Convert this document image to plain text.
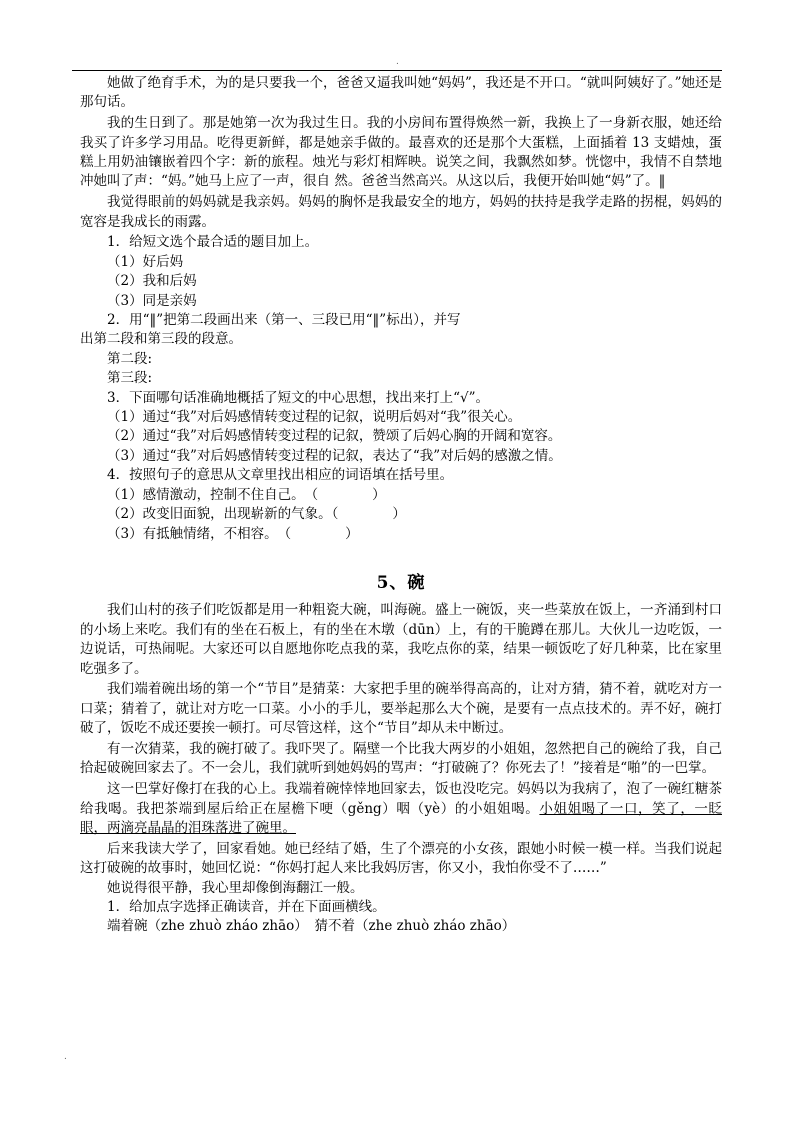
.

她做了绝育手术，为的是只要我一个，爸爸又逼我叫她“妈妈”，我还是不开口。“就叫阿姨好了。”她还是那句话。

我的生日到了。那是她第一次为我过生日。我的小房间布置得焕然一新，我换上了一身新衣服，她还给我买了许多学习用品。吃得更新鲜，都是她亲手做的。最喜欢的还是那个大蛋糕，上面插着 13 支蜡烛，蛋糕上用奶油镶嵌着四个字：新的旅程。烛光与彩灯相辉映。说笑之间，我飘然如梦。恍惚中，我情不自禁地冲她叫了声：“妈。”她马上应了一声，很自 然。爸爸当然高兴。从这以后，我便开始叫她“妈”了。‖

我觉得眼前的妈妈就是我亲妈。妈妈的胸怀是我最安全的地方，妈妈的扶持是我学走路的拐棍，妈妈的宽容是我成长的雨露。

1．给短文选个最合适的题目加上。

（1）好后妈

（2）我和后妈

（3）同是亲妈

2．用“‖”把第二段画出来（第一、三段已用“‖”标出），并写

出第二段和第三段的段意。

第二段:

第三段:

3．下面哪句话准确地概括了短文的中心思想，找出来打上“√”。

（1）通过“我”对后妈感情转变过程的记叙，说明后妈对“我”很关心。

（2）通过“我”对后妈感情转变过程的记叙，赞颂了后妈心胸的开阔和宽容。

（3）通过“我”对后妈感情转变过程的记叙，表达了“我”对后妈的感激之情。

4．按照句子的意思从文章里找出相应的词语填在括号里。

（1）感情激动，控制不住自己。　（　　　　）

（2）改变旧面貌，出现崭新的气象。（　　　　）

（3）有抵触情绪，不相容。　（　　　　）

5、碗

我们山村的孩子们吃饭都是用一种粗瓷大碗，叫海碗。盛上一碗饭，夹一些菜放在饭上，一齐涌到村口的小场上来吃。我们有的坐在石板上，有的坐在木墩（dūn）上，有的干脆蹲在那儿。大伙儿一边吃饭，一边说话，可热闹呢。大家还可以自愿地你吃点我的菜，我吃点你的菜，结果一顿饭吃了好几种菜，比在家里吃强多了。

我们端着碗出场的第一个“节目”是猜菜：大家把手里的碗举得高高的，让对方猜，猜不着，就吃对方一口菜；猜着了，就让对方吃一口菜。小小的手儿，要举起那么大个碗，是要有一点点技术的。弄不好，碗打破了，饭吃不成还要挨一顿打。可尽管这样，这个“节目”却从未中断过。

有一次猜菜，我的碗打破了。我吓哭了。隔壁一个比我大两岁的小姐姐，忽然把自己的碗给了我，自己拾起破碗回家去了。不一会儿，我们就听到她妈妈的骂声：“打破碗了？你死去了！”接着是“啪”的一巴掌。

这一巴掌好像打在我的心上。我端着碗悻悻地回家去，饭也没吃完。妈妈以为我病了，泡了一碗红糖茶给我喝。我把茶端到屋后给正在屋檐下哽（gěng）咽（yè）的小姐姐喝。小姐姐喝了一口，笑了，一眨眼，两滴亮晶晶的泪珠落进了碗里。

后来我读大学了，回家看她。她已经结了婚，生了个漂亮的小女孩，跟她小时候一模一样。当我们说起这打破碗的故事时，她回忆说：“你妈打起人来比我妈厉害，你又小，我怕你受不了……”

她说得很平静，我心里却像倒海翻江一般。

1．给加点字选择正确读音，并在下面画横线。

端着碗（zhe zhuò zháo zhāo）　猜不着（zhe zhuò zháo zhāo）

.
